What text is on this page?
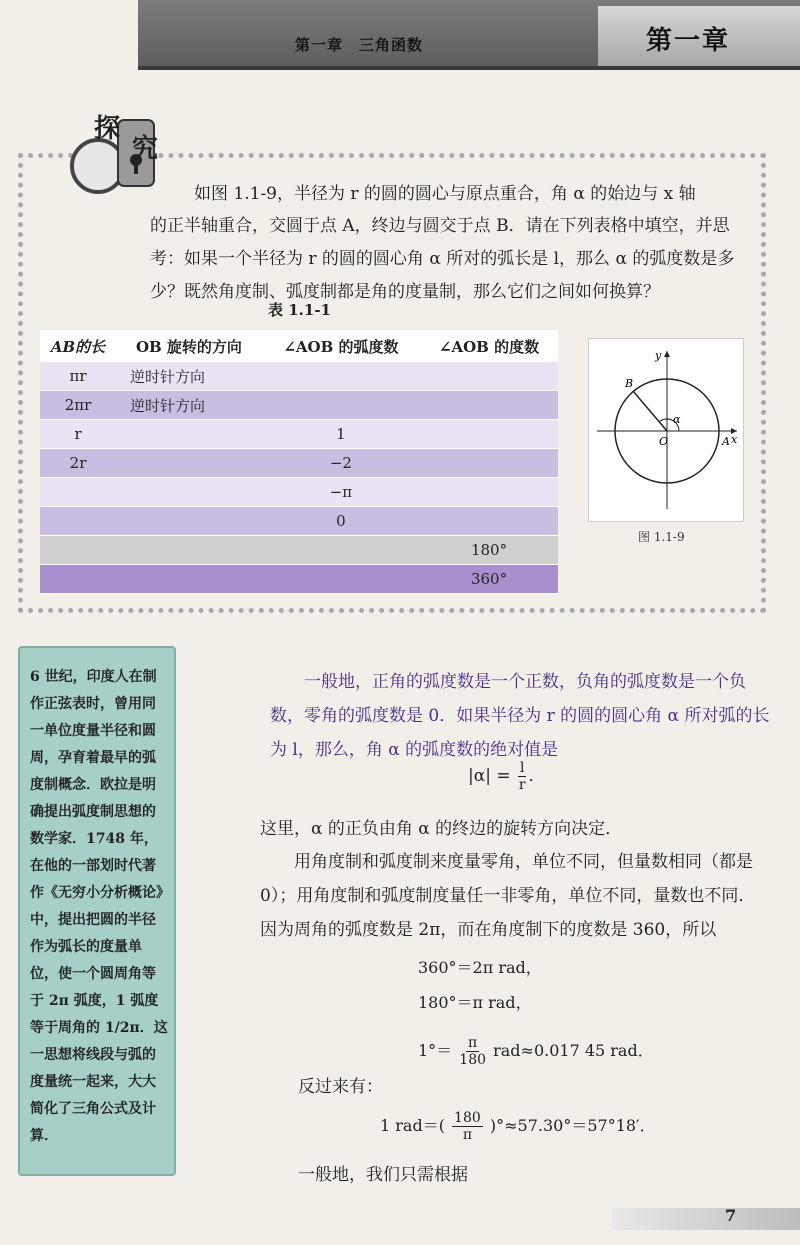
第一章　三角函数	第一章
探
究
如图 1.1-9，半径为 r 的圆的圆心与原点重合，角 α 的始边与 x 轴
的正半轴重合，交圆于点 A，终边与圆交于点 B．请在下列表格中填空，并思考：如果一个半径为 r 的圆的圆心角 α 所对的弧长是 l，那么 α 的弧度数是多少？既然角度制、弧度制都是角的度量制，那么它们之间如何换算？
表 1.1-1
AB的长	OB 旋转的方向	∠AOB 的弧度数	∠AOB 的度数
πr	逆时针方向		
2πr	逆时针方向		
r		1	
2r		−2	
		−π	
		0	
			180°
			360°
B
y
α
O	A x
图 1.1-9
6 世纪，印度人在制作正弦表时，曾用同一单位度量半径和圆周，孕育着最早的弧度制概念．欧拉是明确提出弧度制思想的数学家．1748 年，在他的一部划时代著作《无穷小分析概论》中，提出把圆的半径作为弧长的度量单位，使一个圆周角等于 2π 弧度，1 弧度等于周角的 1/2π．这一思想将线段与弧的度量统一起来，大大简化了三角公式及计算．
一般地，正角的弧度数是一个正数，负角的弧度数是一个负数，零角的弧度数是 0．如果半径为 r 的圆的圆心角 α 所对弧的长为 l，那么，角 α 的弧度数的绝对值是
$|\alpha| = \frac{l}{r}$ ．
这里，α 的正负由角 α 的终边的旋转方向决定．
用角度制和弧度制来度量零角，单位不同，但量数相同（都是 0）；用角度制和弧度制度量任一非零角，单位不同，量数也不同．因为周角的弧度数是 2π，而在角度制下的度数是 360，所以
360°＝2π rad，
180°＝π rad，
$1^\circ= \frac{\pi}{180} rad\approx 0.017$ 45 rad．
反过来有：
1 $rad=( \frac{180}{\pi} )^\circ\approx 57.30^\circ=57^\circ 18'$．
一般地，我们只需根据
7
